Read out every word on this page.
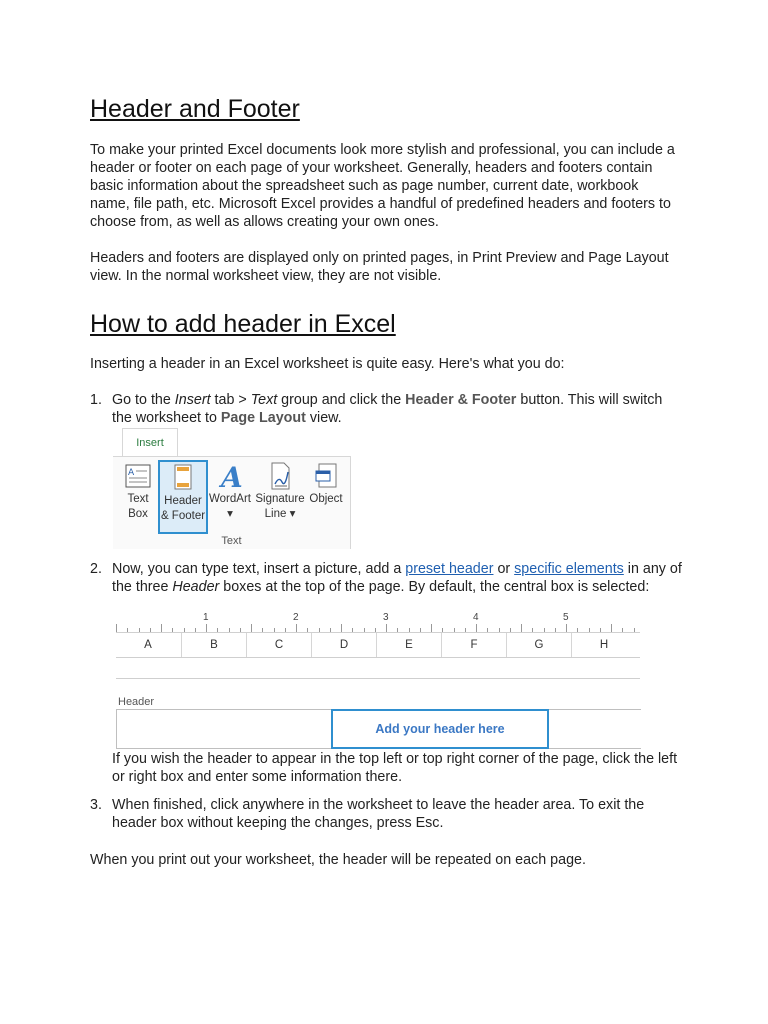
Header and Footer

To make your printed Excel documents look more stylish and professional, you can include a header or footer on each page of your worksheet. Generally, headers and footers contain basic information about the spreadsheet such as page number, current date, workbook name, file path, etc. Microsoft Excel provides a handful of predefined headers and footers to choose from, as well as allows creating your own ones.

Headers and footers are displayed only on printed pages, in Print Preview and Page Layout view. In the normal worksheet view, they are not visible.

How to add header in Excel

Inserting a header in an Excel worksheet is quite easy. Here's what you do:

1. Go to the Insert tab > Text group and click the Header & Footer button. This will switch the worksheet to Page Layout view.
2. Now, you can type text, insert a picture, add a preset header or specific elements in any of the three Header boxes at the top of the page. By default, the central box is selected:
If you wish the header to appear in the top left or top right corner of the page, click the left or right box and enter some information there.
3. When finished, click anywhere in the worksheet to leave the header area. To exit the header box without keeping the changes, press Esc.

When you print out your worksheet, the header will be repeated on each page.

Insert
A
Text
Box
Header
& Footer
A
WordArt
▾
Signature
Line ▾
Object
Text
1	2	3	4	5
A	B	C	D	E	F	G	H
Header
Add your header here
